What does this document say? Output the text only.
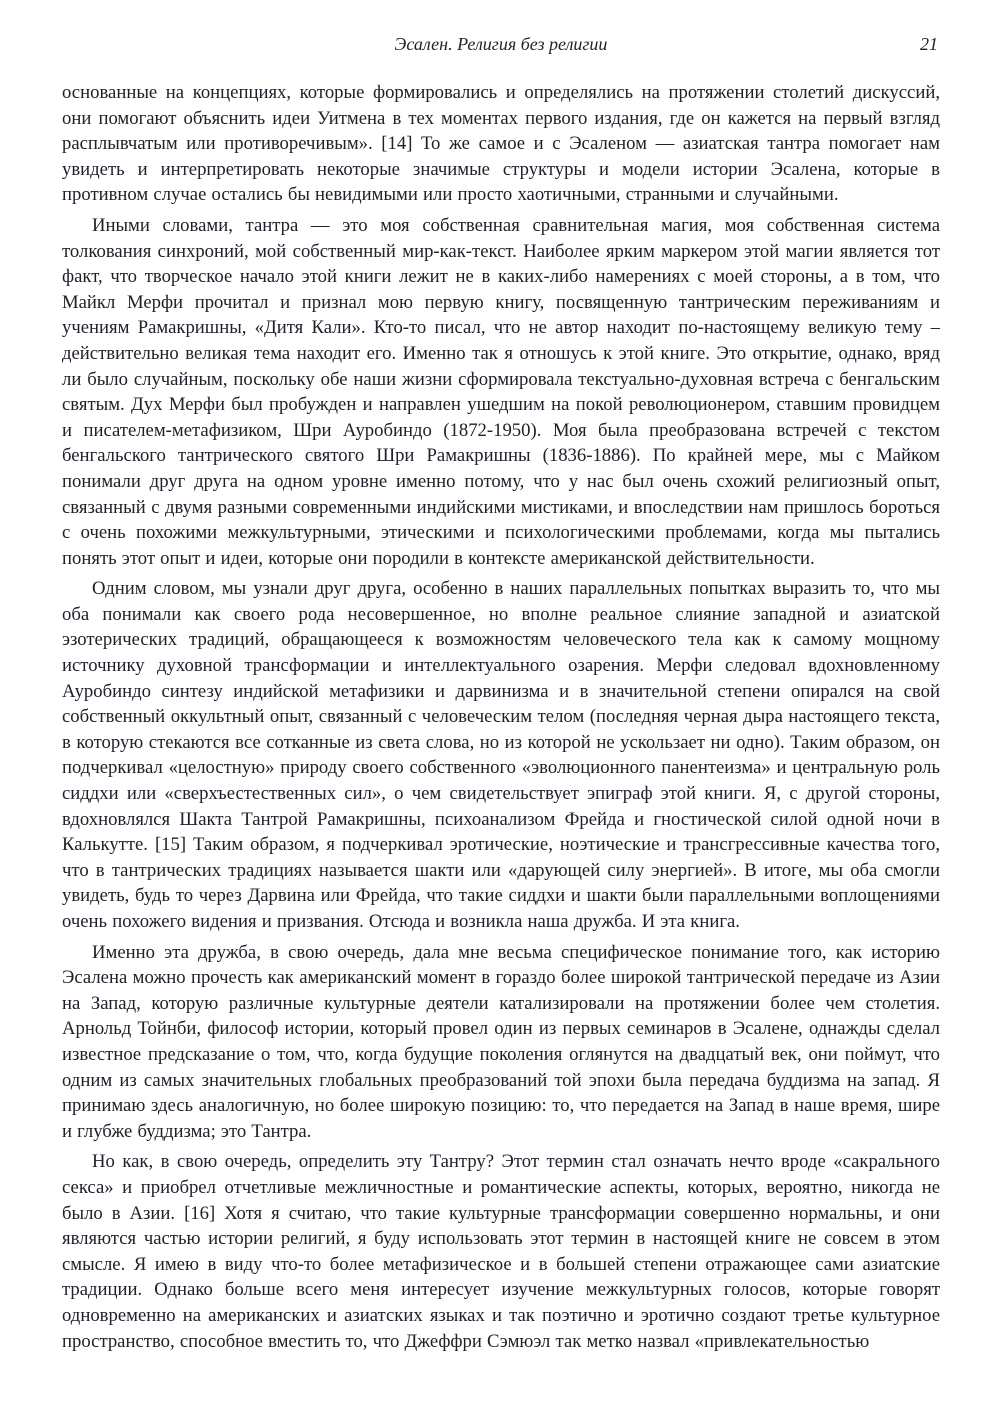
Эсален. Религия без религии	21

основанные на концепциях, которые формировались и определялись на протяжении столетий дискуссий, они помогают объяснить идеи Уитмена в тех моментах первого издания, где он кажется на первый взгляд расплывчатым или противоречивым». [14] То же самое и с Эсаленом — азиатская тантра помогает нам увидеть и интерпретировать некоторые значимые структуры и модели истории Эсалена, которые в противном случае остались бы невидимыми или просто хаотичными, странными и случайными.

Иными словами, тантра — это моя собственная сравнительная магия, моя собственная система толкования синхроний, мой собственный мир-как-текст. Наиболее ярким маркером этой магии является тот факт, что творческое начало этой книги лежит не в каких-либо намерениях с моей стороны, а в том, что Майкл Мерфи прочитал и признал мою первую книгу, посвященную тантрическим переживаниям и учениям Рамакришны, «Дитя Кали». Кто-то писал, что не автор находит по-настоящему великую тему – действительно великая тема находит его. Именно так я отношусь к этой книге. Это открытие, однако, вряд ли было случайным, поскольку обе наши жизни сформировала текстуально-духовная встреча с бенгальским святым. Дух Мерфи был пробужден и направлен ушедшим на покой революционером, ставшим провидцем и писателем-метафизиком, Шри Ауробиндо (1872-1950). Моя была преобразована встречей с текстом бенгальского тантрического святого Шри Рамакришны (1836-1886). По крайней мере, мы с Майком понимали друг друга на одном уровне именно потому, что у нас был очень схожий религиозный опыт, связанный с двумя разными современными индийскими мистиками, и впоследствии нам пришлось бороться с очень похожими межкультурными, этическими и психологическими проблемами, когда мы пытались понять этот опыт и идеи, которые они породили в контексте американской действительности.

Одним словом, мы узнали друг друга, особенно в наших параллельных попытках выразить то, что мы оба понимали как своего рода несовершенное, но вполне реальное слияние западной и азиатской эзотерических традиций, обращающееся к возможностям человеческого тела как к самому мощному источнику духовной трансформации и интеллектуального озарения. Мерфи следовал вдохновленному Ауробиндо синтезу индийской метафизики и дарвинизма и в значительной степени опирался на свой собственный оккультный опыт, связанный с человеческим телом (последняя черная дыра настоящего текста, в которую стекаются все сотканные из света слова, но из которой не ускользает ни одно). Таким образом, он подчеркивал «целостную» природу своего собственного «эволюционного панентеизма» и центральную роль сиддхи или «сверхъестественных сил», о чем свидетельствует эпиграф этой книги. Я, с другой стороны, вдохновлялся Шакта Тантрой Рамакришны, психоанализом Фрейда и гностической силой одной ночи в Калькутте. [15] Таким образом, я подчеркивал эротические, ноэтические и трансгрессивные качества того, что в тантрических традициях называется шакти или «дарующей силу энергией». В итоге, мы оба смогли увидеть, будь то через Дарвина или Фрейда, что такие сиддхи и шакти были параллельными воплощениями очень похожего видения и призвания. Отсюда и возникла наша дружба. И эта книга.

Именно эта дружба, в свою очередь, дала мне весьма специфическое понимание того, как историю Эсалена можно прочесть как американский момент в гораздо более широкой тантрической передаче из Азии на Запад, которую различные культурные деятели катализировали на протяжении более чем столетия. Арнольд Тойнби, философ истории, который провел один из первых семинаров в Эсалене, однажды сделал известное предсказание о том, что, когда будущие поколения оглянутся на двадцатый век, они поймут, что одним из самых значительных глобальных преобразований той эпохи была передача буддизма на запад. Я принимаю здесь аналогичную, но более широкую позицию: то, что передается на Запад в наше время, шире и глубже буддизма; это Тантра.

Но как, в свою очередь, определить эту Тантру? Этот термин стал означать нечто вроде «сакрального секса» и приобрел отчетливые межличностные и романтические аспекты, которых, вероятно, никогда не было в Азии. [16] Хотя я считаю, что такие культурные трансформации совершенно нормальны, и они являются частью истории религий, я буду использовать этот термин в настоящей книге не совсем в этом смысле. Я имею в виду что-то более метафизическое и в большей степени отражающее сами азиатские традиции. Однако больше всего меня интересует изучение межкультурных голосов, которые говорят одновременно на американских и азиатских языках и так поэтично и эротично создают третье культурное пространство, способное вместить то, что Джеффри Сэмюэл так метко назвал «привлекательностью
